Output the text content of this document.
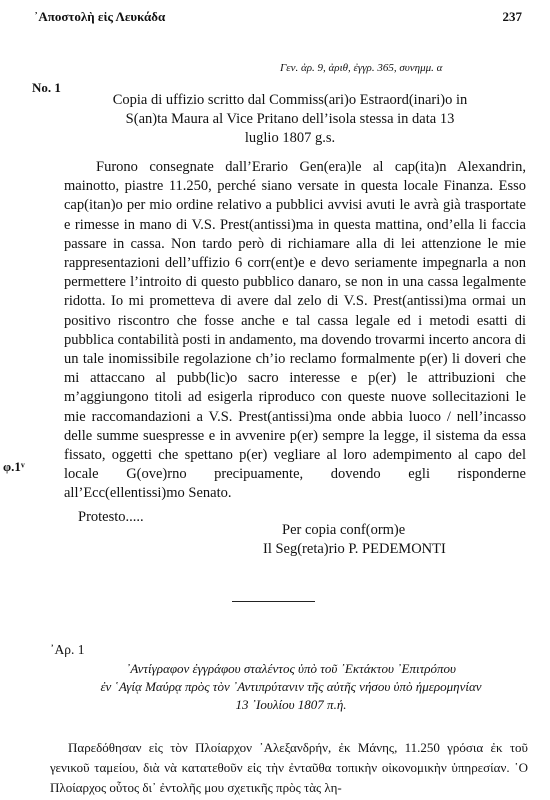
᾿Αποστολὴ εἰς Λευκάδα	237
Γεν. ἀρ. 9, ἀριθ, ἐγγρ. 365, συνημμ. α
No. 1
Copia di uffizio scritto dal Commiss(ari)o Estraord(inari)o in
S(an)ta Maura al Vice Pritano dell’isola stessa in data 13
luglio 1807 g.s.

Furono consegnate dall’Erario Gen(era)le al cap(ita)n Alexandrin, mainotto, piastre 11.250, perché siano versate in questa locale Finanza. Esso cap(itan)o per mio ordine relativo a pubblici avvisi avuti le avrà già trasportate e rimesse in mano di V.S. Prest(antissi)ma in questa mattina, ond’ella li faccia passare in cassa. Non tardo però di richiamare alla di lei attenzione le mie rappresentazioni dell’uffizio 6 corr(ent)e e devo seriamente impegnarla a non permettere l’introito di questo pubblico danaro, se non in una cassa legalmente ridotta. Io mi prometteva di avere dal zelo di V.S. Prest(antissi)ma ormai un positivo riscontro che fosse anche e tal cassa legale ed i metodi esatti di pubblica contabilità posti in andamento, ma dovendo trovarmi incerto ancora di un tale inomissibile regolazione ch’io reclamo formalmente p(er) li doveri che mi attaccano al pubb(lic)o sacro interesse e p(er) le attribuzioni che m’aggiungono titoli ad esigerla riproduco con queste nuove sollecitazioni le mie raccomandazioni a V.S. Prest(antissi)ma onde abbia luoco / nell’incasso delle summe suespresse e in avvenire p(er) sempre la legge, il sistema da essa fissato, oggetti che spettano p(er) vegliare al loro adempimento al capo del locale G(ove)rno precipuamente, dovendo egli risponderne all’Ecc(ellentissi)mo Senato.

Protesto.....

φ.1ᵛ
Per copia conf(orm)e
Il Seg(reta)rio P. PEDEMONTI
᾿Αρ. 1
᾿Αντίγραφον ἐγγράφου σταλέντος ὑπὸ τοῦ ᾿Εκτάκτου ᾿Επιτρόπου
ἐν ῾Αγίᾳ Μαύρᾳ πρὸς τὸν ᾿Αντιπρύτανιν τῆς αὐτῆς νήσου ὑπὸ ἡμερομηνίαν
13 ᾿Ιουλίου 1807 π.ἡ.

Παρεδόθησαν εἰς τὸν Πλοίαρχον ᾿Αλεξανδρήν, ἐκ Μάνης, 11.250 γρόσια ἐκ τοῦ γενικοῦ ταμείου, διὰ νὰ κατατεθοῦν εἰς τὴν ἐνταῦθα τοπικὴν οἰκονομικὴν ὑπηρεσίαν. ῾Ο Πλοίαρχος οὗτος δι᾿ ἐντολῆς μου σχετικῆς πρὸς τὰς λη-
